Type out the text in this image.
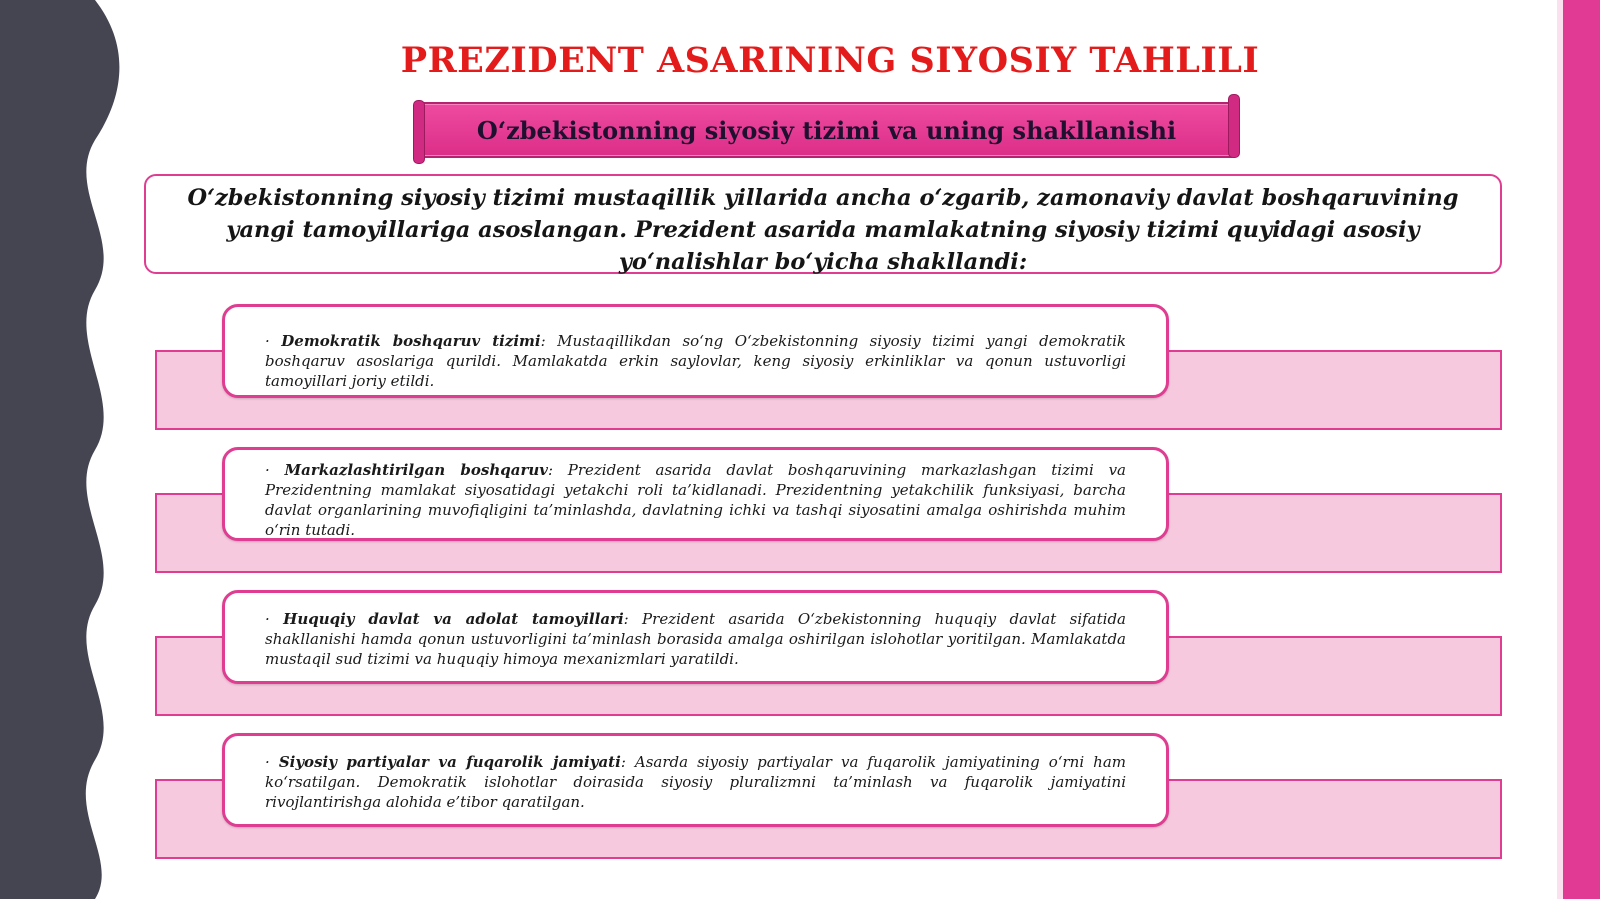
PREZIDENT ASARINING SIYOSIY TAHLILI
O‘zbekistonning siyosiy tizimi va uning shakllanishi
O‘zbekistonning siyosiy tizimi mustaqillik yillarida ancha o‘zgarib, zamonaviy davlat boshqaruvining yangi tamoyillariga asoslangan. Prezident asarida mamlakatning siyosiy tizimi quyidagi asosiy yo‘nalishlar bo‘yicha shakllandi:
· Demokratik boshqaruv tizimi: Mustaqillikdan so‘ng O‘zbekistonning siyosiy tizimi yangi demokratik boshqaruv asoslariga qurildi. Mamlakatda erkin saylovlar, keng siyosiy erkinliklar va qonun ustuvorligi tamoyillari joriy etildi.
· Markazlashtirilgan boshqaruv: Prezident asarida davlat boshqaruvining markazlashgan tizimi va Prezidentning mamlakat siyosatidagi yetakchi roli ta’kidlanadi. Prezidentning yetakchilik funksiyasi, barcha davlat organlarining muvofiqligini ta’minlashda, davlatning ichki va tashqi siyosatini amalga oshirishda muhim o‘rin tutadi.
· Huquqiy davlat va adolat tamoyillari: Prezident asarida O‘zbekistonning huquqiy davlat sifatida shakllanishi hamda qonun ustuvorligini ta’minlash borasida amalga oshirilgan islohotlar yoritilgan. Mamlakatda mustaqil sud tizimi va huquqiy himoya mexanizmlari yaratildi.
· Siyosiy partiyalar va fuqarolik jamiyati: Asarda siyosiy partiyalar va fuqarolik jamiyatining o‘rni ham ko‘rsatilgan. Demokratik islohotlar doirasida siyosiy pluralizmni ta’minlash va fuqarolik jamiyatini rivojlantirishga alohida e’tibor qaratilgan.
